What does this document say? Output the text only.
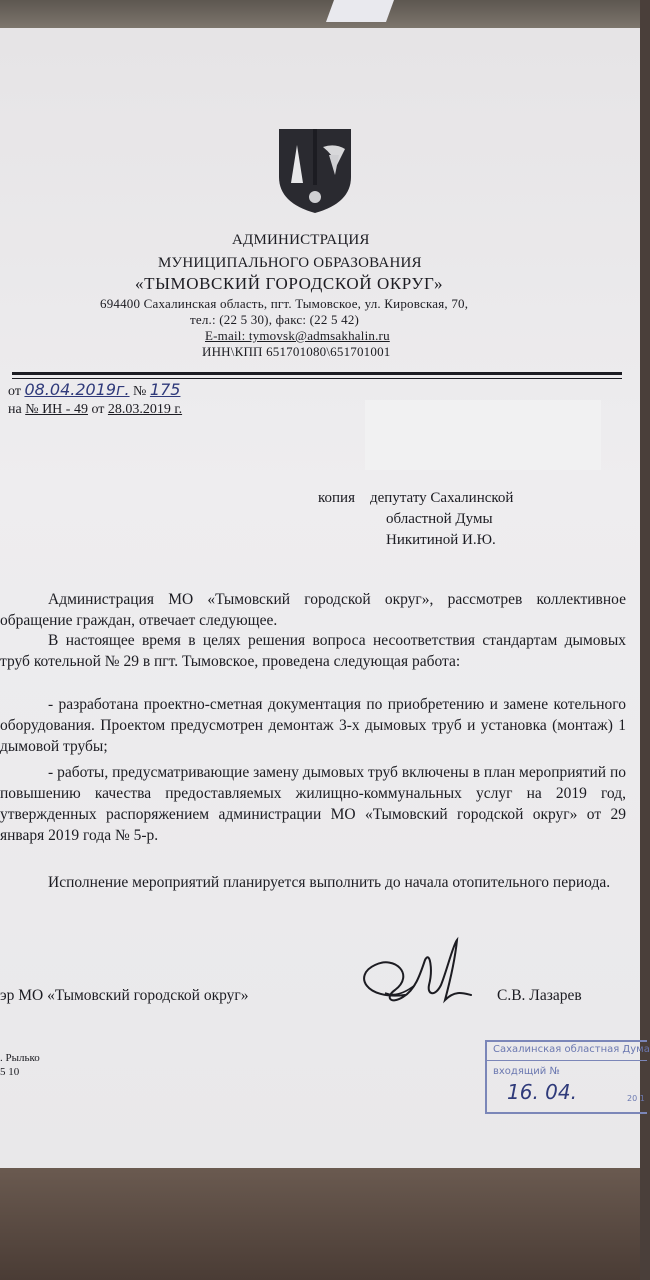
АДМИНИСТРАЦИЯ
МУНИЦИПАЛЬНОГО ОБРАЗОВАНИЯ
«ТЫМОВСКИЙ ГОРОДСКОЙ ОКРУГ»
694400 Сахалинская область, пгт. Тымовское, ул. Кировская, 70,
тел.: (22 5 30), факс: (22 5 42)
E-mail: tymovsk@admsakhalin.ru
ИНН\КПП 651701080\651701001
от 08.04.2019г. № 175
на № ИН - 49 от 28.03.2019 г.
копия депутату Сахалинской
областной Думы
Никитиной И.Ю.
Администрация МО «Тымовский городской округ», рассмотрев коллективное обращение граждан, отвечает следующее.
В настоящее время в целях решения вопроса несоответствия стандартам дымовых труб котельной № 29 в пгт. Тымовское, проведена следующая работа:
- разработана проектно-сметная документация по приобретению и замене котельного оборудования. Проектом предусмотрен демонтаж 3-х дымовых труб и установка (монтаж) 1 дымовой трубы;
- работы, предусматривающие замену дымовых труб включены в план мероприятий по повышению качества предоставляемых жилищно-коммунальных услуг на 2019 год, утвержденных распоряжением администрации МО «Тымовский городской округ» от 29 января 2019 года № 5-р.
Исполнение мероприятий планируется выполнить до начала отопительного периода.
эр МО «Тымовский городской округ»	С.В. Лазарев
. Рылько
5 10
Сахалинская областная Дума
входящий №
16. 04.	20 1
